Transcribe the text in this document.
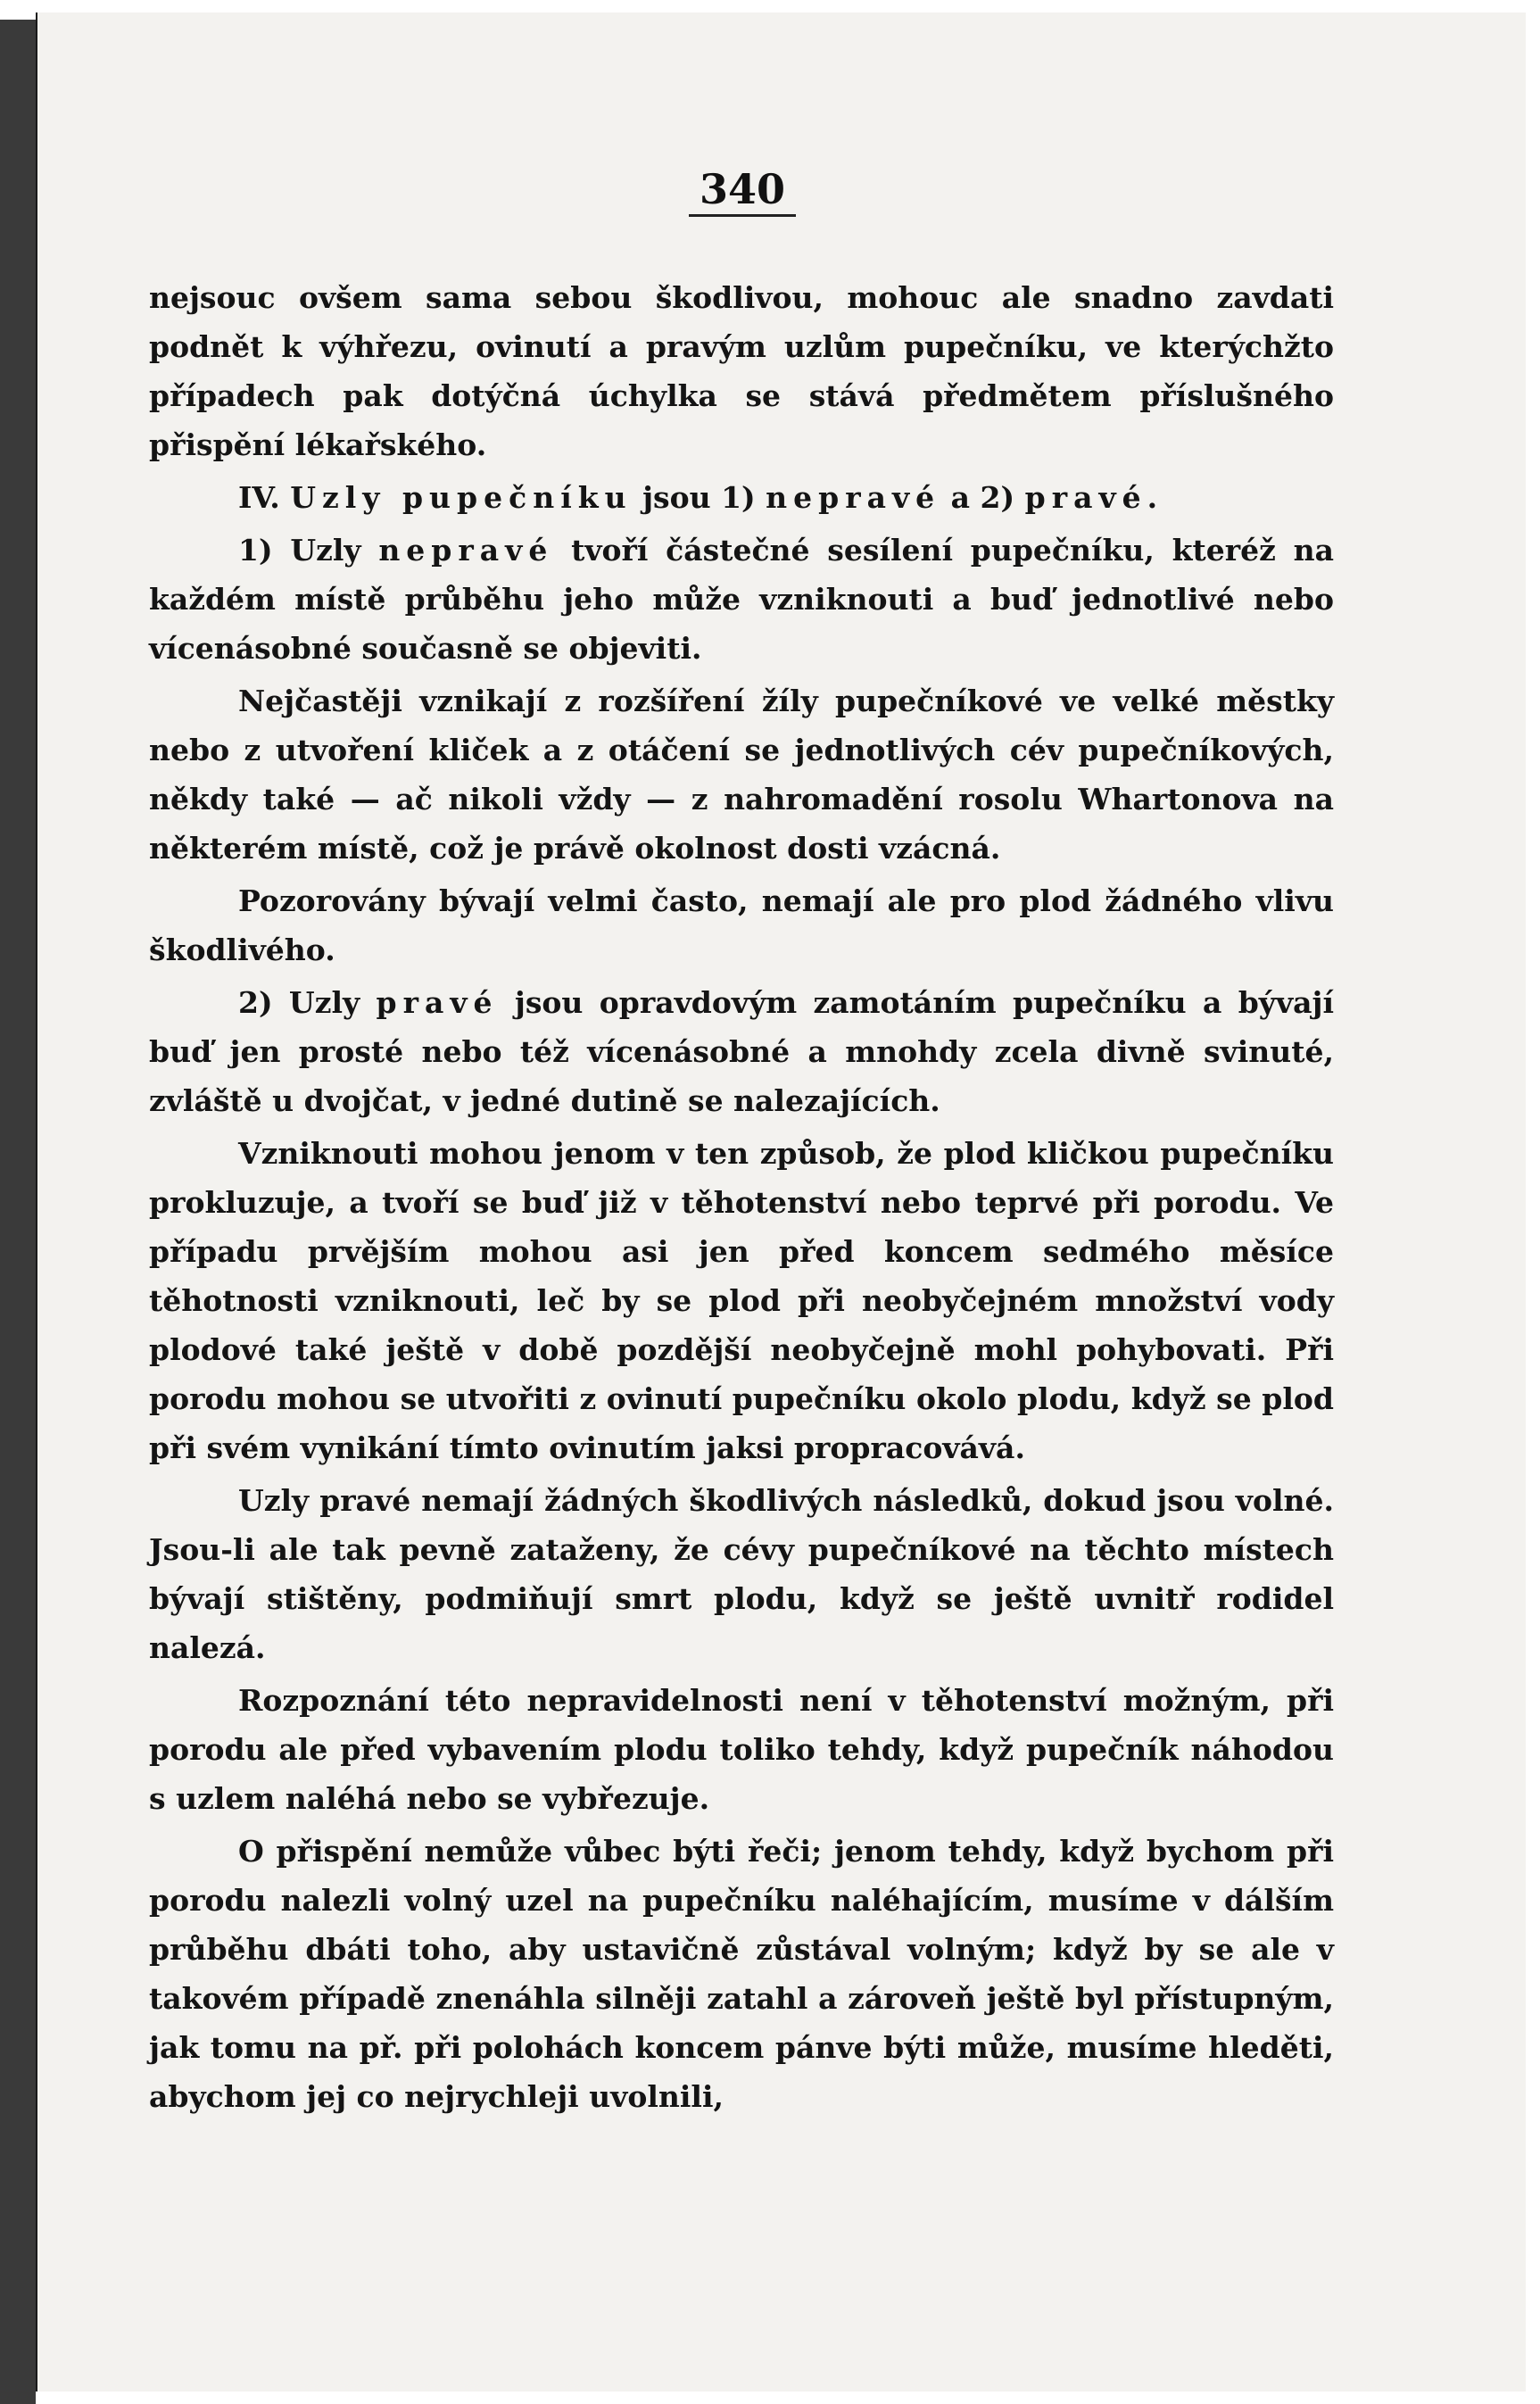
340

nejsouc ovšem sama sebou škodlivou, mohouc ale snadno zavdati podnět k výhřezu, ovinutí a pravým uzlům pupečníku, ve kterýchžto případech pak dotýčná úchylka se stává předmětem příslušného přispění lékařského.

IV. Uzly pupečníku jsou 1) nepravé a 2) pravé.

1) Uzly nepravé tvoří částečné sesílení pupečníku, kteréž na každém místě průběhu jeho může vzniknouti a buď jednotlivé nebo vícenásobné současně se objeviti.

Nejčastěji vznikají z rozšíření žíly pupečníkové ve velké městky nebo z utvoření kliček a z otáčení se jednotlivých cév pupečníkových, někdy také — ač nikoli vždy — z nahromadění rosolu Whartonova na některém místě, což je právě okolnost dosti vzácná.

Pozorovány bývají velmi často, nemají ale pro plod žádného vlivu škodlivého.

2) Uzly pravé jsou opravdovým zamotáním pupečníku a bývají buď jen prosté nebo též vícenásobné a mnohdy zcela divně svinuté, zvláště u dvojčat, v jedné dutině se nalezajících.

Vzniknouti mohou jenom v ten způsob, že plod kličkou pupečníku prokluzuje, a tvoří se buď již v těhotenství nebo teprvé při porodu. Ve případu prvějším mohou asi jen před koncem sedmého měsíce těhotnosti vzniknouti, leč by se plod při neobyčejném množství vody plodové také ještě v době pozdější neobyčejně mohl pohybovati. Při porodu mohou se utvořiti z ovinutí pupečníku okolo plodu, když se plod při svém vynikání tímto ovinutím jaksi propracovává.

Uzly pravé nemají žádných škodlivých následků, dokud jsou volné. Jsou-li ale tak pevně zataženy, že cévy pupečníkové na těchto místech bývají stištěny, podmiňují smrt plodu, když se ještě uvnitř rodidel nalezá.

Rozpoznání této nepravidelnosti není v těhotenství možným, při porodu ale před vybavením plodu toliko tehdy, když pupečník náhodou s uzlem naléhá nebo se vybřezuje.

O přispění nemůže vůbec býti řeči; jenom tehdy, když bychom při porodu nalezli volný uzel na pupečníku naléhajícím, musíme v dálším průběhu dbáti toho, aby ustavičně zůstával volným; když by se ale v takovém případě znenáhla silněji zatahl a zároveň ještě byl přístupným, jak tomu na př. při polohách koncem pánve býti může, musíme hleděti, abychom jej co nejrychleji uvolnili,
